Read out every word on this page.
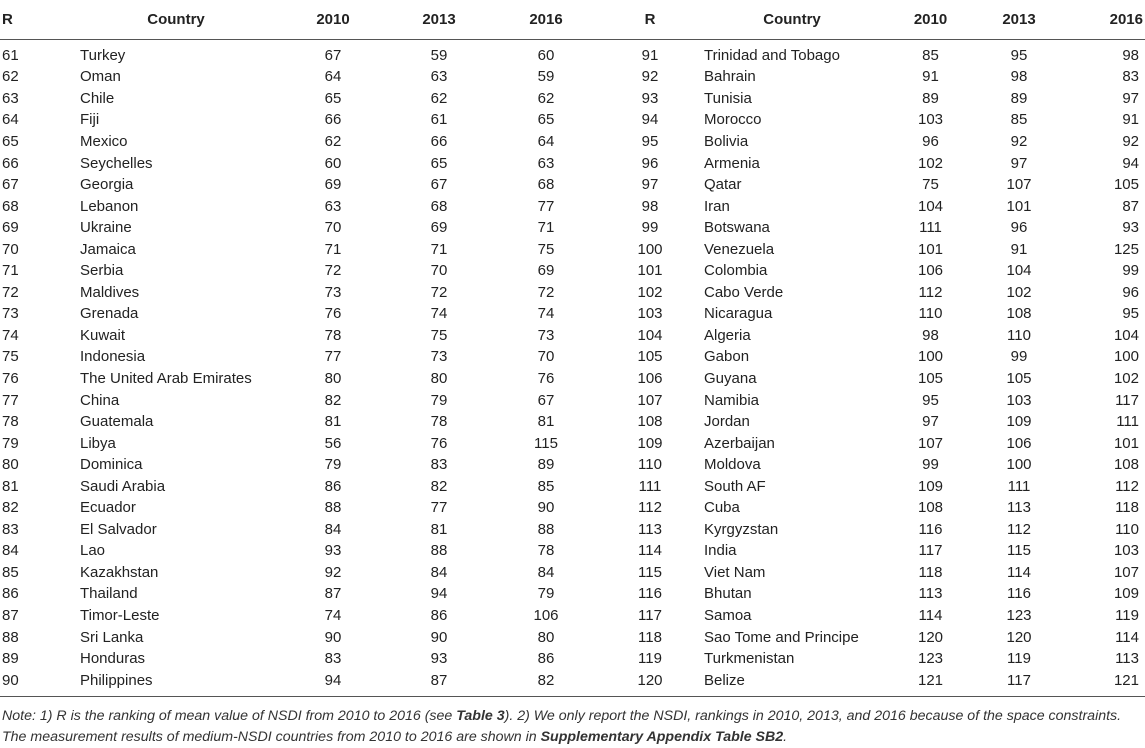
R	Country	2010	2013	2016	R	Country	2010	2013	2016
61	Turkey	67	59	60	91	Trinidad and Tobago	85	95	98
62	Oman	64	63	59	92	Bahrain	91	98	83
63	Chile	65	62	62	93	Tunisia	89	89	97
64	Fiji	66	61	65	94	Morocco	103	85	91
65	Mexico	62	66	64	95	Bolivia	96	92	92
66	Seychelles	60	65	63	96	Armenia	102	97	94
67	Georgia	69	67	68	97	Qatar	75	107	105
68	Lebanon	63	68	77	98	Iran	104	101	87
69	Ukraine	70	69	71	99	Botswana	111	96	93
70	Jamaica	71	71	75	100	Venezuela	101	91	125
71	Serbia	72	70	69	101	Colombia	106	104	99
72	Maldives	73	72	72	102	Cabo Verde	112	102	96
73	Grenada	76	74	74	103	Nicaragua	110	108	95
74	Kuwait	78	75	73	104	Algeria	98	110	104
75	Indonesia	77	73	70	105	Gabon	100	99	100
76	The United Arab Emirates	80	80	76	106	Guyana	105	105	102
77	China	82	79	67	107	Namibia	95	103	117
78	Guatemala	81	78	81	108	Jordan	97	109	111
79	Libya	56	76	115	109	Azerbaijan	107	106	101
80	Dominica	79	83	89	110	Moldova	99	100	108
81	Saudi Arabia	86	82	85	111	South AF	109	111	112
82	Ecuador	88	77	90	112	Cuba	108	113	118
83	El Salvador	84	81	88	113	Kyrgyzstan	116	112	110
84	Lao	93	88	78	114	India	117	115	103
85	Kazakhstan	92	84	84	115	Viet Nam	118	114	107
86	Thailand	87	94	79	116	Bhutan	113	116	109
87	Timor-Leste	74	86	106	117	Samoa	114	123	119
88	Sri Lanka	90	90	80	118	Sao Tome and Principe	120	120	114
89	Honduras	83	93	86	119	Turkmenistan	123	119	113
90	Philippines	94	87	82	120	Belize	121	117	121
Note: 1) R is the ranking of mean value of NSDI from 2010 to 2016 (see Table 3). 2) We only report the NSDI, rankings in 2010, 2013, and 2016 because of the space constraints. The measurement results of medium-NSDI countries from 2010 to 2016 are shown in Supplementary Appendix Table SB2.
